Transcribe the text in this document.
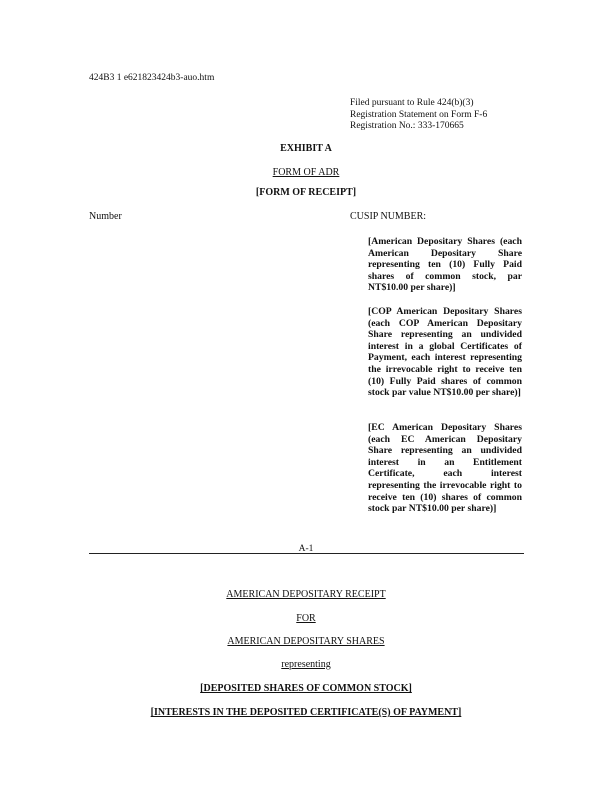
424B3 1 e621823424b3-auo.htm
Filed pursuant to Rule 424(b)(3)
Registration Statement on Form F-6
Registration No.: 333-170665
EXHIBIT A
FORM OF ADR
[FORM OF RECEIPT]
Number	CUSIP NUMBER:
[American Depositary Shares (each American Depositary Share representing ten (10) Fully Paid shares of common stock, par NT$10.00 per share)]
[COP American Depositary Shares (each COP American Depositary Share representing an undivided interest in a global Certificates of Payment, each interest representing the irrevocable right to receive ten (10) Fully Paid shares of common stock par value NT$10.00 per share)]
[EC American Depositary Shares (each EC American Depositary Share representing an undivided interest in an Entitlement Certificate, each interest representing the irrevocable right to receive ten (10) shares of common stock par NT$10.00 per share)]
A-1
AMERICAN DEPOSITARY RECEIPT
FOR
AMERICAN DEPOSITARY SHARES
representing
[DEPOSITED SHARES OF COMMON STOCK]
[INTERESTS IN THE DEPOSITED CERTIFICATE(S) OF PAYMENT]
